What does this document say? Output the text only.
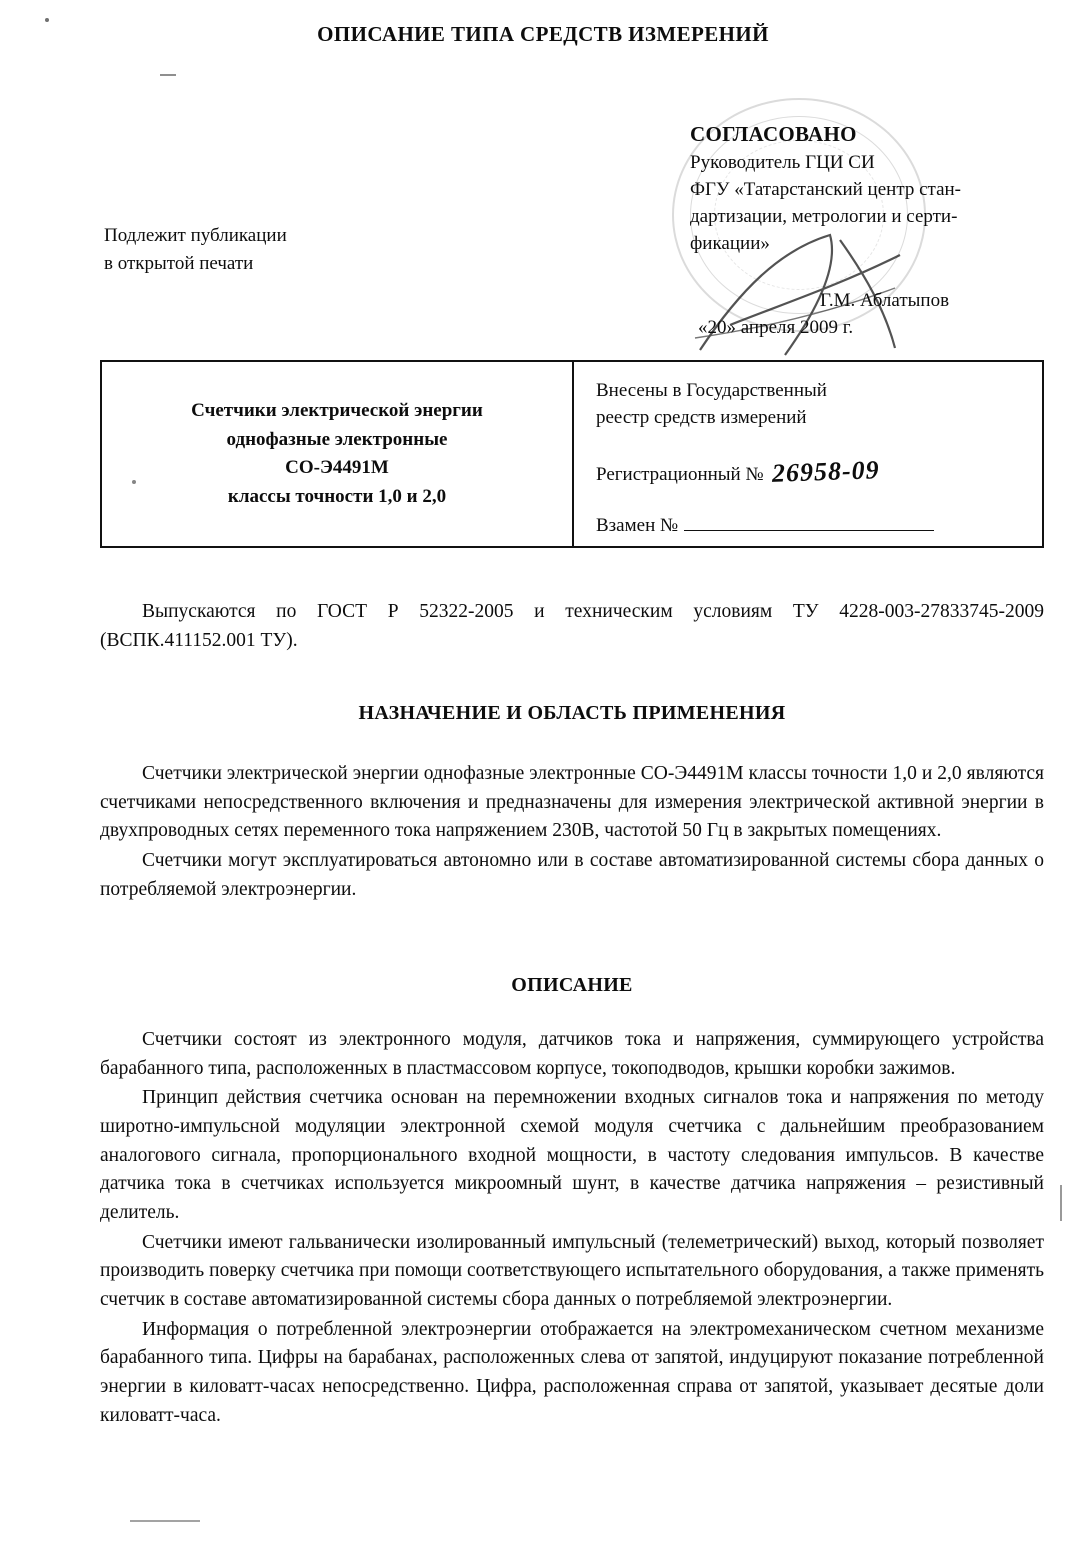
ОПИСАНИЕ ТИПА СРЕДСТВ ИЗМЕРЕНИЙ
Подлежит публикации
в открытой печати
СОГЛАСОВАНО
Руководитель ГЦИ СИ
ФГУ «Татарстанский центр стан-
дартизации, метрологии и серти-
фикации»
Г.М. Аблатыпов
«20» апреля 2009 г.
Счетчики электрической энергии
однофазные электронные
СО-Э4491М
классы точности 1,0 и 2,0
Внесены в Государственный
реестр средств измерений
Регистрационный № 26958-09
Взамен №

Выпускаются по ГОСТ Р 52322-2005 и техническим условиям ТУ 4228-003-27833745-2009 (ВСПК.411152.001 ТУ).

НАЗНАЧЕНИЕ И ОБЛАСТЬ ПРИМЕНЕНИЯ

Счетчики электрической энергии однофазные электронные СО-Э4491М классы точности 1,0 и 2,0 являются счетчиками непосредственного включения и предназначены для измерения электрической активной энергии в двухпроводных сетях переменного тока напряжением 230В, частотой 50 Гц в закрытых помещениях.

Счетчики могут эксплуатироваться автономно или в составе автоматизированной системы сбора данных о потребляемой электроэнергии.

ОПИСАНИЕ

Счетчики состоят из электронного модуля, датчиков тока и напряжения, суммирующего устройства барабанного типа, расположенных в пластмассовом корпусе, токоподводов, крышки коробки зажимов.

Принцип действия счетчика основан на перемножении входных сигналов тока и напряжения по методу широтно-импульсной модуляции электронной схемой модуля счетчика с дальнейшим преобразованием аналогового сигнала, пропорционального входной мощности, в частоту следования импульсов. В качестве датчика тока в счетчиках используется микроомный шунт, в качестве датчика напряжения – резистивный делитель.

Счетчики имеют гальванически изолированный импульсный (телеметрический) выход, который позволяет производить поверку счетчика при помощи соответствующего испытательного оборудования, а также применять счетчик в составе автоматизированной системы сбора данных о потребляемой электроэнергии.

Информация о потребленной электроэнергии отображается на электромеханическом счетном механизме барабанного типа. Цифры на барабанах, расположенных слева от запятой, индуцируют показание потребленной энергии в киловатт-часах непосредственно. Цифра, расположенная справа от запятой, указывает десятые доли киловатт-часа.
